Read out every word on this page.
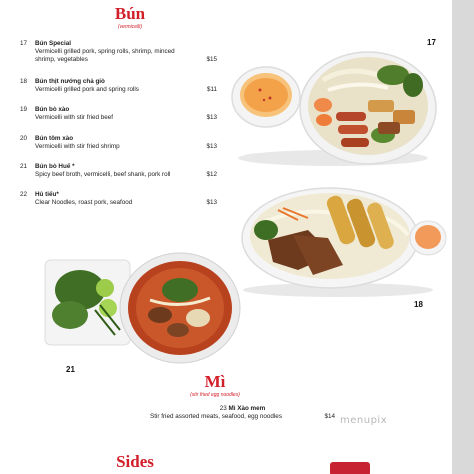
Bún
(vermicelli)
17 Bún Special
Vermicelli grilled pork, spring rolls, shrimp, minced shrimp, vegetables	$15
18 Bún thịt nướng chả giò
Vermicelli grilled pork and spring rolls	$11
19 Bún bò xào
Vermicelli with stir fried beef	$13
20 Bún tôm xào
Vermicelli with stir fried shrimp	$13
21 Bún bò Huế *
Spicy beef broth, vermicelli, beef shank, pork roll	$12
22 Hủ tiếu*
Clear Noodles, roast pork, seafood	$13
17
18
21
Mì
(stir fried egg noodles)
23 Mì Xào mem
Stir fried assorted meats, seafood, egg noodles	$14
Sides
menupix
